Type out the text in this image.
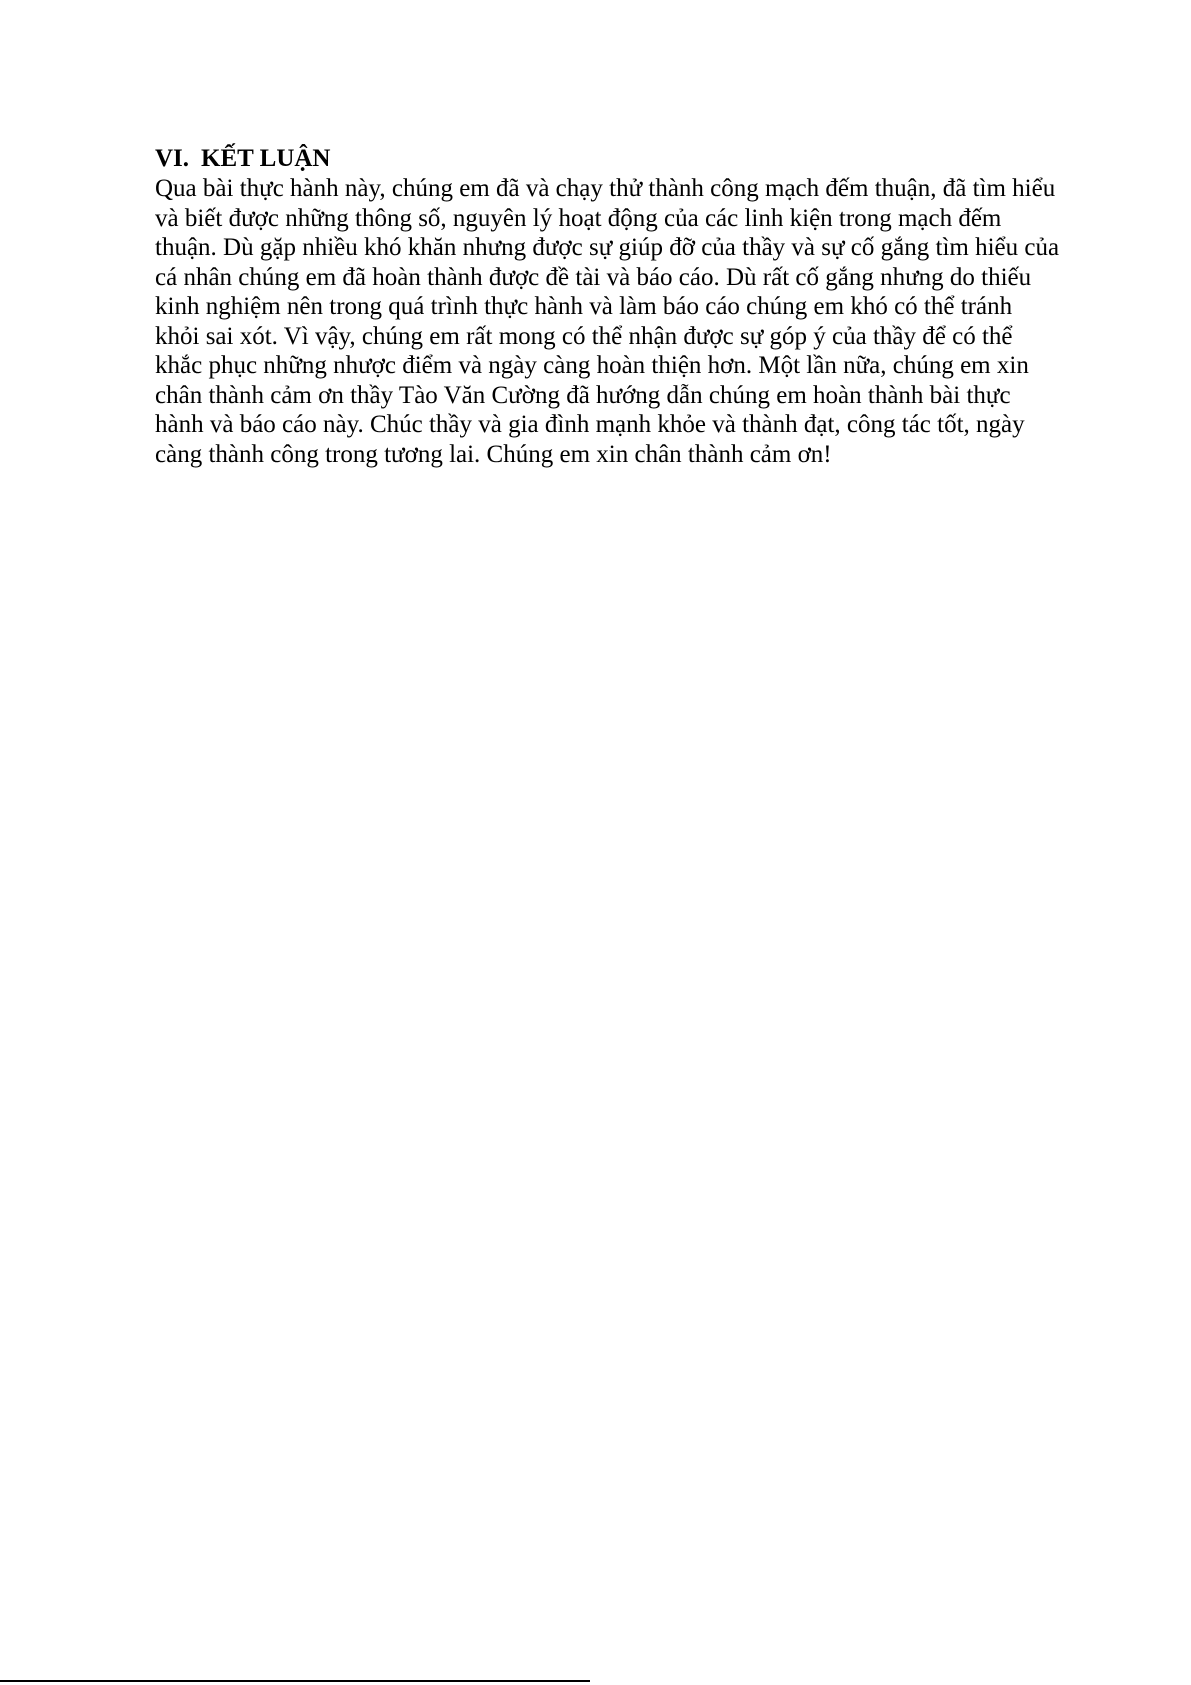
VI. KẾT LUẬN

Qua bài thực hành này, chúng em đã và chạy thử thành công mạch đếm thuận, đã tìm hiểu
và biết được những thông số, nguyên lý hoạt động của các linh kiện trong mạch đếm
thuận. Dù gặp nhiều khó khăn nhưng được sự giúp đỡ của thầy và sự cố gắng tìm hiểu của
cá nhân chúng em đã hoàn thành được đề tài và báo cáo. Dù rất cố gắng nhưng do thiếu
kinh nghiệm nên trong quá trình thực hành và làm báo cáo chúng em khó có thể tránh
khỏi sai xót. Vì vậy, chúng em rất mong có thể nhận được sự góp ý của thầy để có thể
khắc phục những nhược điểm và ngày càng hoàn thiện hơn. Một lần nữa, chúng em xin
chân thành cảm ơn thầy Tào Văn Cường đã hướng dẫn chúng em hoàn thành bài thực
hành và báo cáo này. Chúc thầy và gia đình mạnh khỏe và thành đạt, công tác tốt, ngày
càng thành công trong tương lai. Chúng em xin chân thành cảm ơn!
